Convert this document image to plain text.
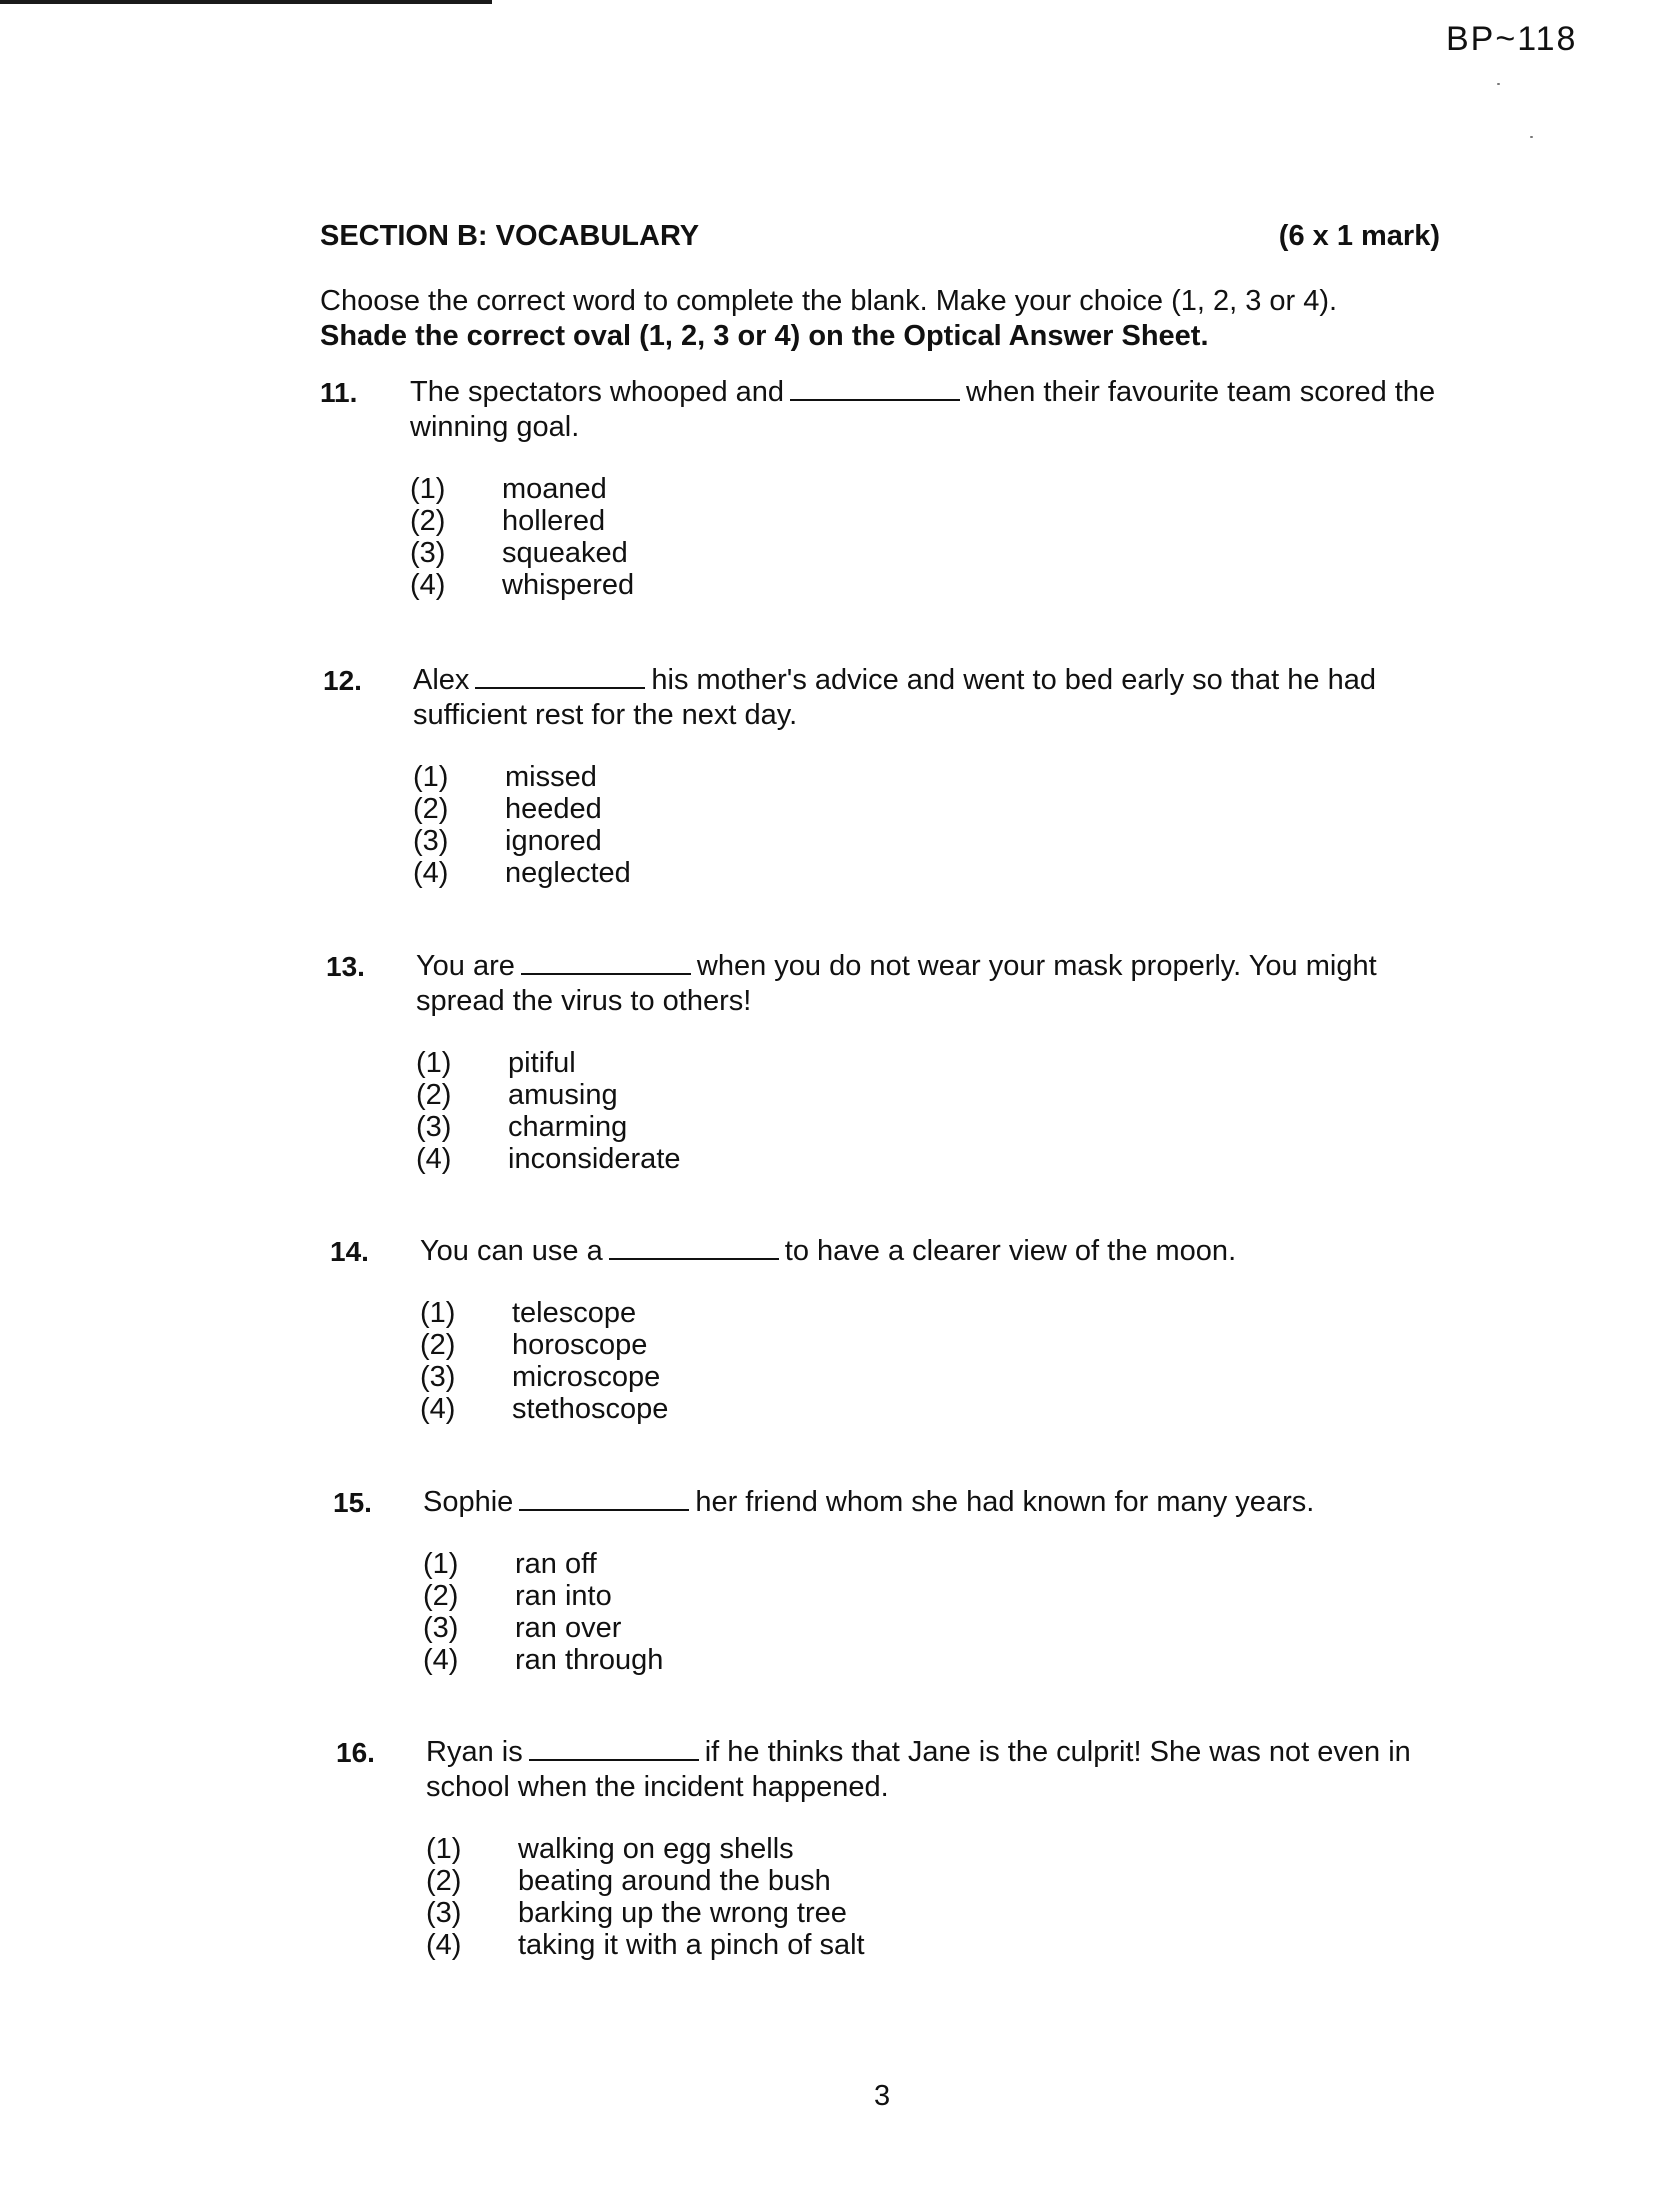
BP~118
SECTION B: VOCABULARY	(6 x 1 mark)
Choose the correct word to complete the blank. Make your choice (1, 2, 3 or 4).
Shade the correct oval (1, 2, 3 or 4) on the Optical Answer Sheet.
11. The spectators whooped and	when their favourite team scored the winning goal.
(1)	moaned
(2)	hollered
(3)	squeaked
(4)	whispered
12. Alex	his mother's advice and went to bed early so that he had sufficient rest for the next day.
(1)	missed
(2)	heeded
(3)	ignored
(4)	neglected
13. You are	when you do not wear your mask properly. You might spread the virus to others!
(1)	pitiful
(2)	amusing
(3)	charming
(4)	inconsiderate
14. You can use a	to have a clearer view of the moon.
(1)	telescope
(2)	horoscope
(3)	microscope
(4)	stethoscope
15. Sophie	her friend whom she had known for many years.
(1)	ran off
(2)	ran into
(3)	ran over
(4)	ran through
16. Ryan is	if he thinks that Jane is the culprit! She was not even in school when the incident happened.
(1)	walking on egg shells
(2)	beating around the bush
(3)	barking up the wrong tree
(4)	taking it with a pinch of salt
3
